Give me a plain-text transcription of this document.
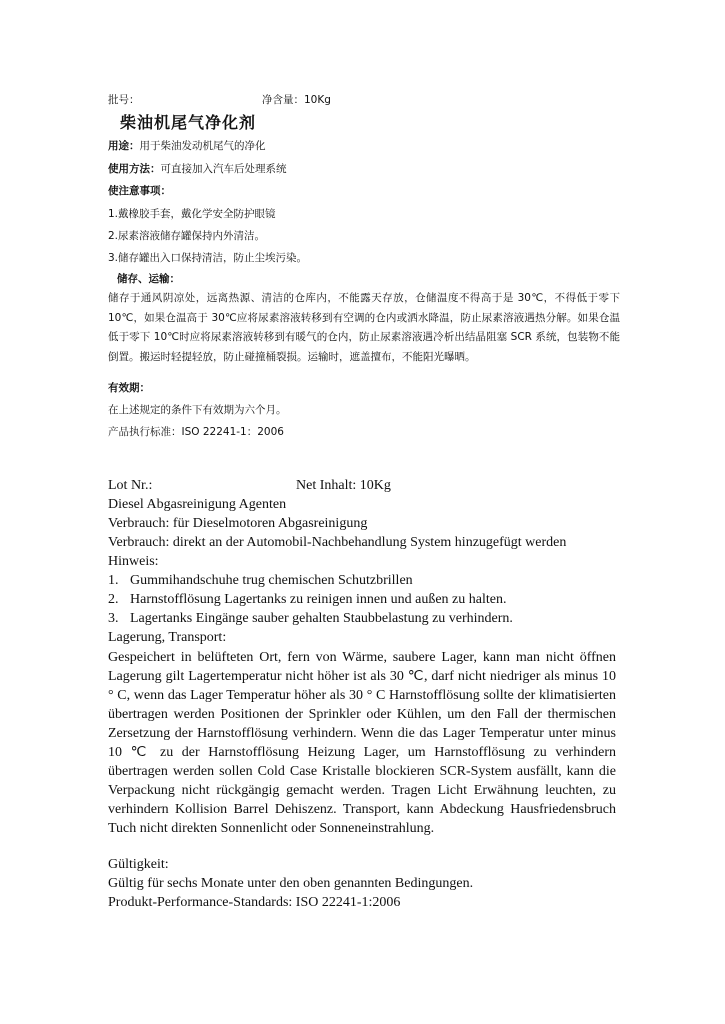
批号：	净含量：10Kg
柴油机尾气净化剂
用途：用于柴油发动机尾气的净化
使用方法：可直接加入汽车后处理系统
使注意事项：
1.戴橡胶手套，戴化学安全防护眼镜
2.尿素溶液储存罐保持内外清洁。
3.储存罐出入口保持清洁，防止尘埃污染。
储存、运输：
储存于通风阴凉处，远离热源、清洁的仓库内，不能露天存放，仓储温度不得高于是 30℃，不得低于零下 10℃，如果仓温高于 30℃应将尿素溶液转移到有空调的仓内或洒水降温，防止尿素溶液遇热分解。如果仓温低于零下 10℃时应将尿素溶液转移到有暖气的仓内，防止尿素溶液遇冷析出结晶阻塞 SCR 系统，包装物不能倒置。搬运时轻提轻放，防止碰撞桶裂损。运输时，遮盖擅布，不能阳光曝晒。
有效期：
在上述规定的条件下有效期为六个月。
产品执行标准：ISO 22241-1：2006
Lot Nr.:	Net Inhalt: 10Kg
Diesel Abgasreinigung Agenten
Verbrauch: für Dieselmotoren Abgasreinigung
Verbrauch: direkt an der Automobil-Nachbehandlung System hinzugefügt werden
Hinweis:
1. Gummihandschuhe trug chemischen Schutzbrillen
2. Harnstofflösung Lagertanks zu reinigen innen und außen zu halten.
3. Lagertanks Eingänge sauber gehalten Staubbelastung zu verhindern.
Lagerung, Transport:
Gespeichert in belüfteten Ort, fern von Wärme, saubere Lager, kann man nicht öffnen Lagerung gilt Lagertemperatur nicht höher ist als 30 ℃, darf nicht niedriger als minus 10 ° C, wenn das Lager Temperatur höher als 30 ° C Harnstofflösung sollte der klimatisierten übertragen werden Positionen der Sprinkler oder Kühlen, um den Fall der thermischen Zersetzung der Harnstofflösung verhindern. Wenn die das Lager Temperatur unter minus 10 ℃ zu der Harnstofflösung Heizung Lager, um Harnstofflösung zu verhindern übertragen werden sollen Cold Case Kristalle blockieren SCR-System ausfällt, kann die Verpackung nicht rückgängig gemacht werden. Tragen Licht Erwähnung leuchten, zu verhindern Kollision Barrel Dehiszenz. Transport, kann Abdeckung Hausfriedensbruch Tuch nicht direkten Sonnenlicht oder Sonneneinstrahlung.
Gültigkeit:
Gültig für sechs Monate unter den oben genannten Bedingungen.
Produkt-Performance-Standards: ISO 22241-1:2006
